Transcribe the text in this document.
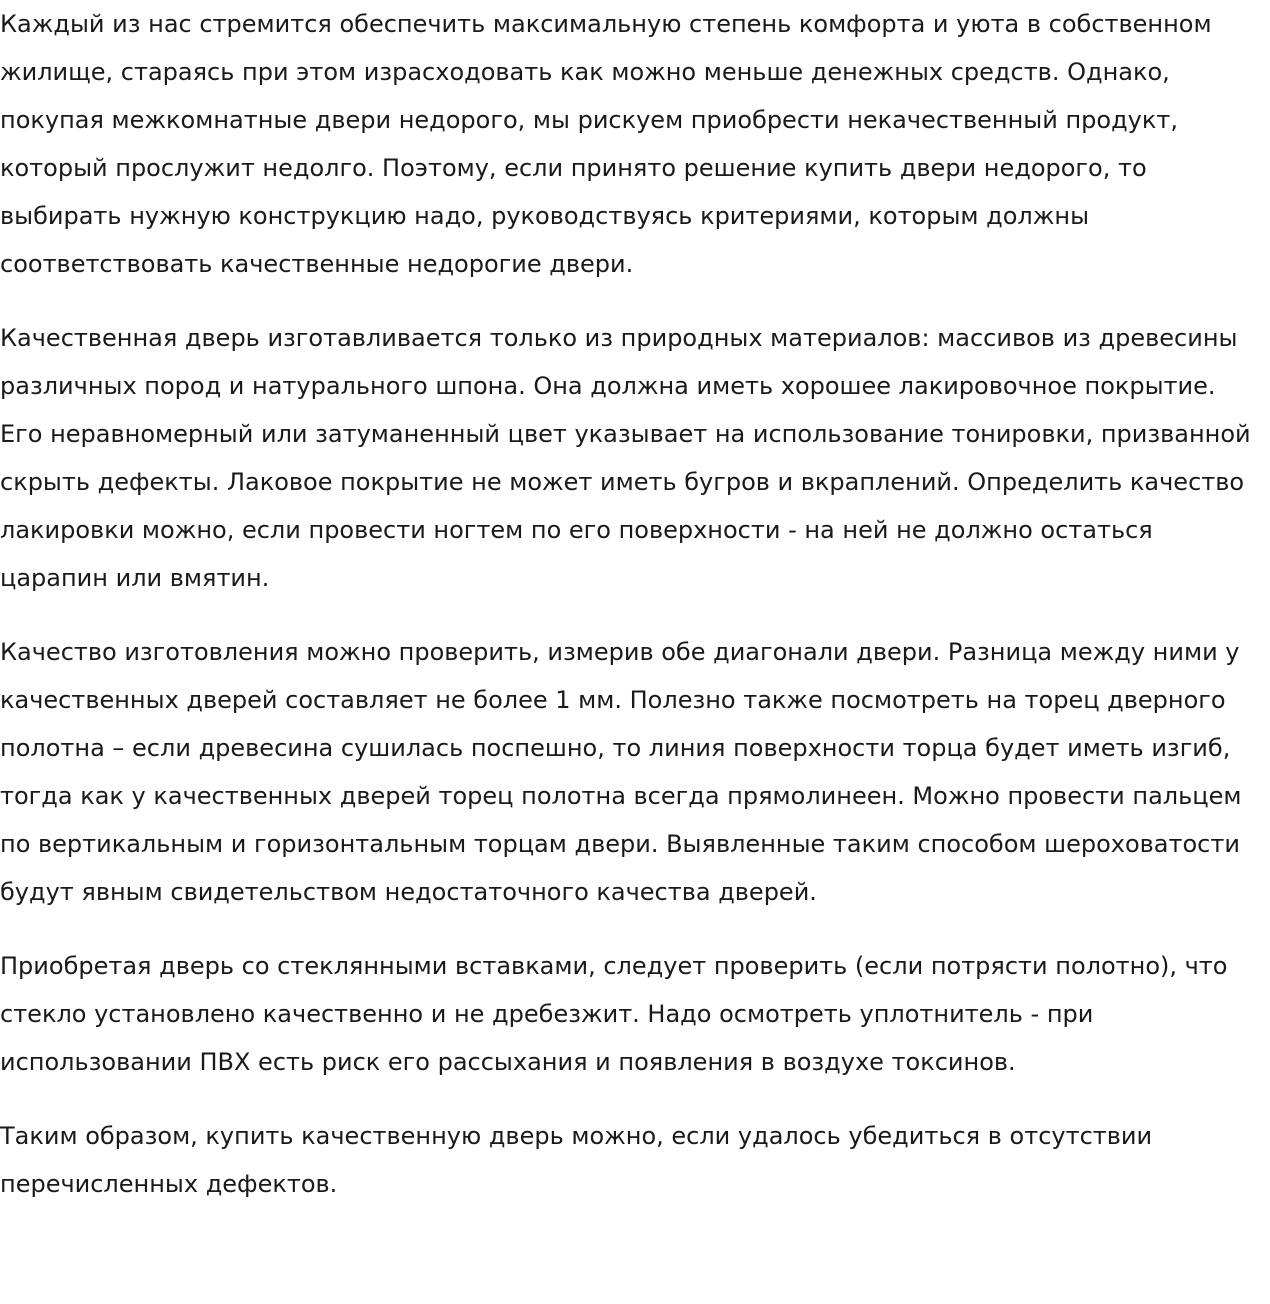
Каждый из нас стремится обеспечить максимальную степень комфорта и уюта в собственном жилище, стараясь при этом израсходовать как можно меньше денежных средств. Однако, покупая межкомнатные двери недорого, мы рискуем приобрести некачественный продукт, который прослужит недолго. Поэтому, если принято решение купить двери недорого, то выбирать нужную конструкцию надо, руководствуясь критериями, которым должны соответствовать качественные недорогие двери.

Качественная дверь изготавливается только из природных материалов: массивов из древесины различных пород и натурального шпона. Она должна иметь хорошее лакировочное покрытие. Его неравномерный или затуманенный цвет указывает на использование тонировки, призванной скрыть дефекты. Лаковое покрытие не может иметь бугров и вкраплений. Определить качество лакировки можно, если провести ногтем по его поверхности - на ней не должно остаться царапин или вмятин.

Качество изготовления можно проверить, измерив обе диагонали двери. Разница между ними у качественных дверей составляет не более 1 мм. Полезно также посмотреть на торец дверного полотна – если древесина сушилась поспешно, то линия поверхности торца будет иметь изгиб, тогда как у качественных дверей торец полотна всегда прямолинеен. Можно провести пальцем по вертикальным и горизонтальным торцам двери. Выявленные таким способом шероховатости будут явным свидетельством недостаточного качества дверей.

Приобретая дверь со стеклянными вставками, следует проверить (если потрясти полотно), что стекло установлено качественно и не дребезжит. Надо осмотреть уплотнитель - при использовании ПВХ есть риск его рассыхания и появления в воздухе токсинов.

Таким образом, купить качественную дверь можно, если удалось убедиться в отсутствии перечисленных дефектов.
